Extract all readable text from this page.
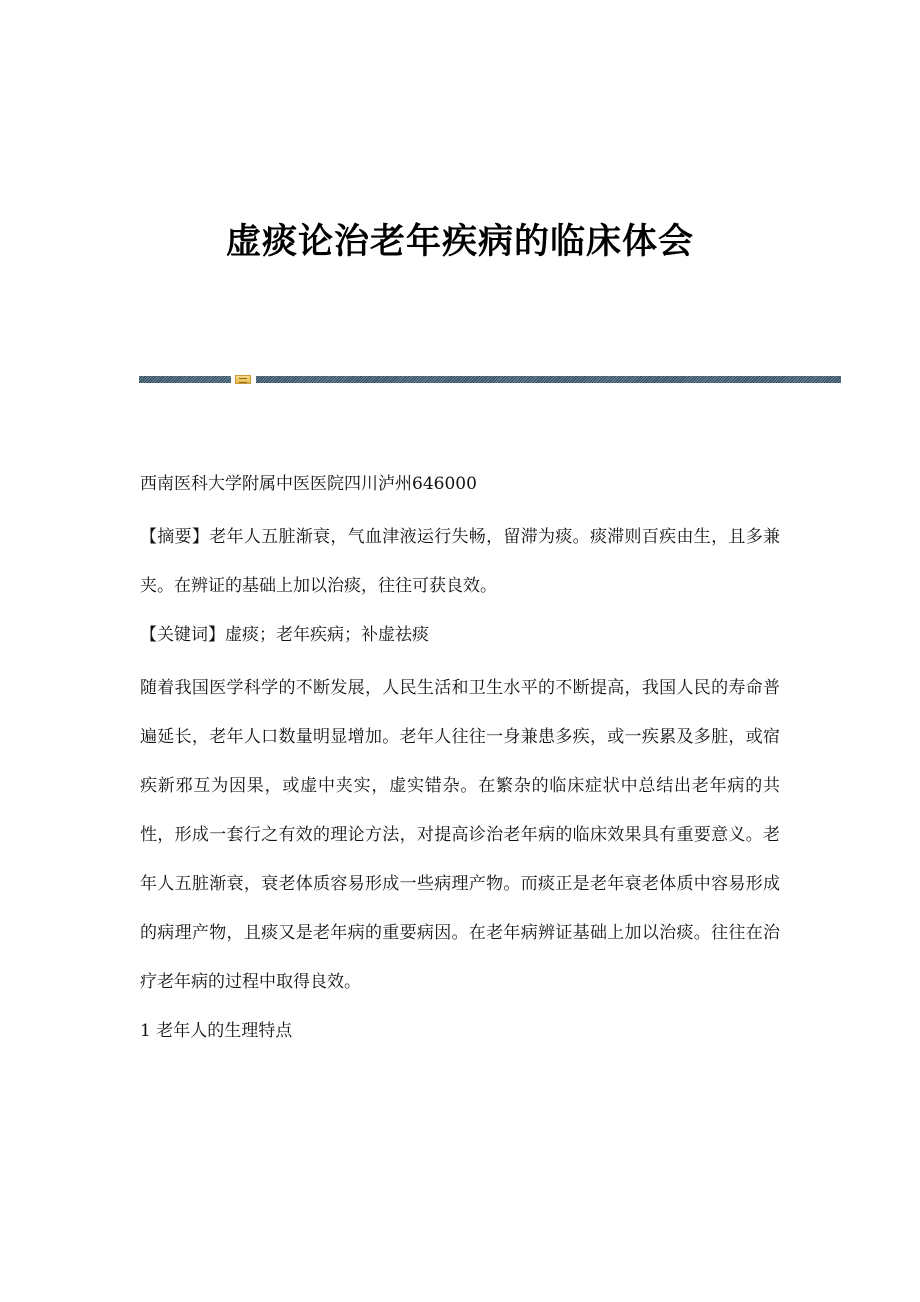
虚痰论治老年疾病的临床体会

西南医科大学附属中医医院四川泸州646000

【摘要】老年人五脏渐衰，气血津液运行失畅，留滞为痰。痰滞则百疾由生，且多兼夹。在辨证的基础上加以治痰，往往可获良效。

【关键词】虚痰；老年疾病；补虚祛痰

随着我国医学科学的不断发展，人民生活和卫生水平的不断提高，我国人民的寿命普遍延长，老年人口数量明显增加。老年人往往一身兼患多疾，或一疾累及多脏，或宿疾新邪互为因果，或虚中夹实，虚实错杂。在繁杂的临床症状中总结出老年病的共性，形成一套行之有效的理论方法，对提高诊治老年病的临床效果具有重要意义。老年人五脏渐衰，衰老体质容易形成一些病理产物。而痰正是老年衰老体质中容易形成的病理产物，且痰又是老年病的重要病因。在老年病辨证基础上加以治痰。往往在治疗老年病的过程中取得良效。

1 老年人的生理特点
